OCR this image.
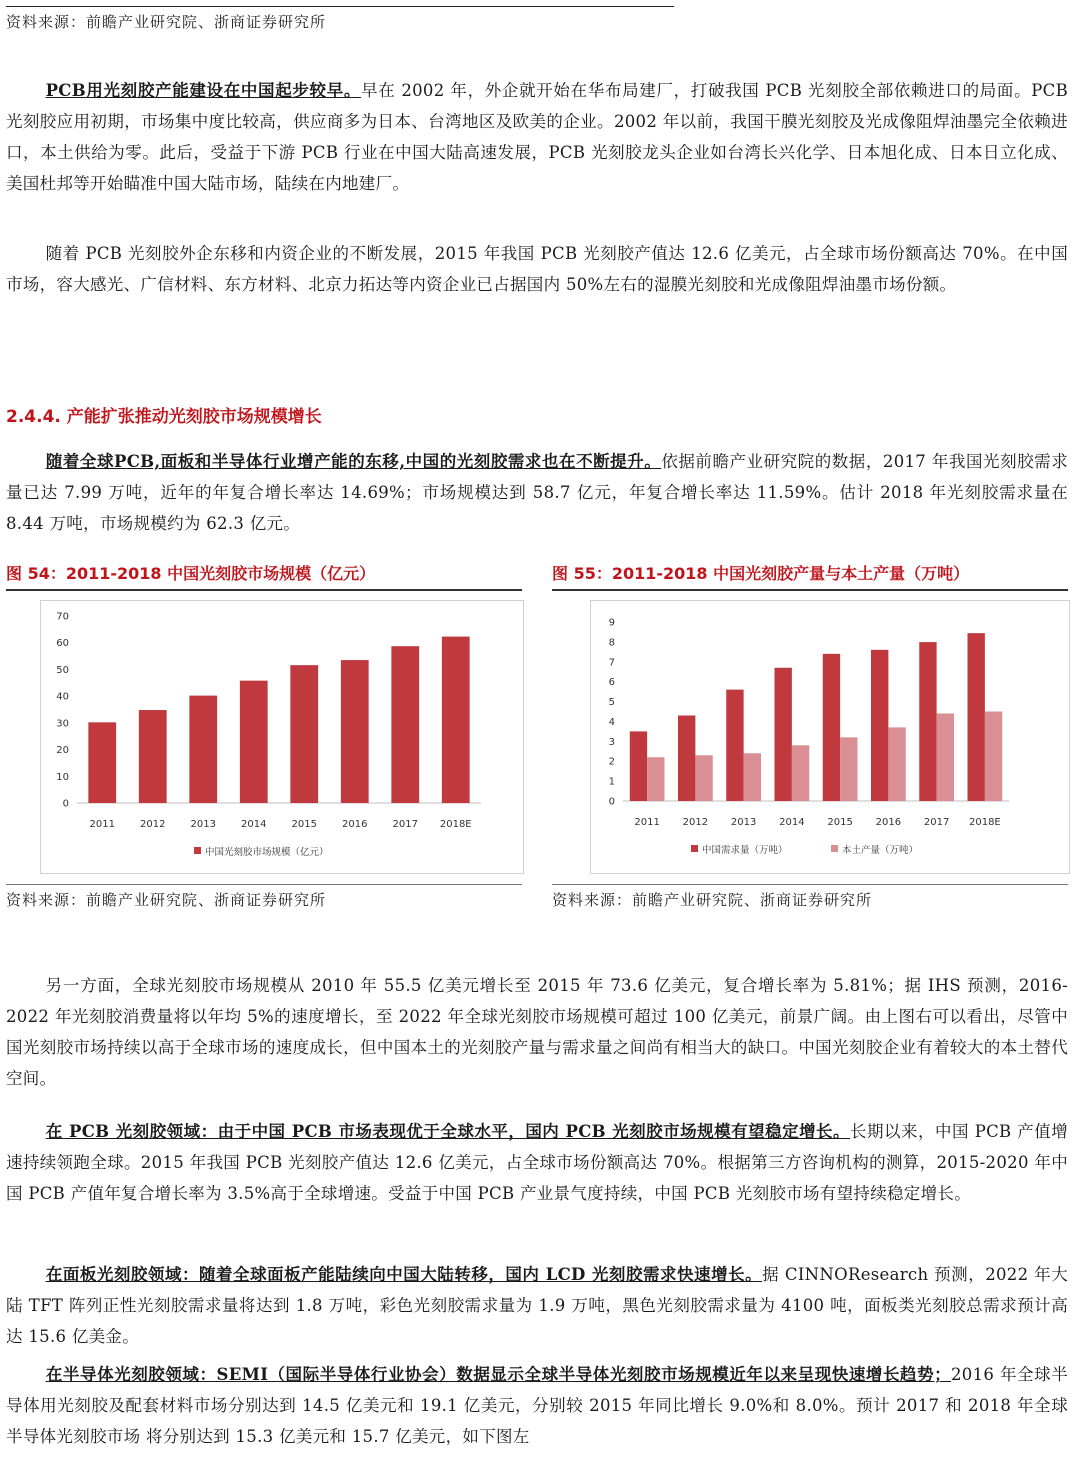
资料来源：前瞻产业研究院、浙商证券研究所
PCB用光刻胶产能建设在中国起步较早。早在 2002 年，外企就开始在华布局建厂，打破我国 PCB 光刻胶全部依赖进口的局面。PCB 光刻胶应用初期，市场集中度比较高，供应商多为日本、台湾地区及欧美的企业。2002 年以前，我国干膜光刻胶及光成像阻焊油墨完全依赖进口，本土供给为零。此后，受益于下游 PCB 行业在中国大陆高速发展，PCB 光刻胶龙头企业如台湾长兴化学、日本旭化成、日本日立化成、美国杜邦等开始瞄准中国大陆市场，陆续在内地建厂。
随着 PCB 光刻胶外企东移和内资企业的不断发展，2015 年我国 PCB 光刻胶产值达 12.6 亿美元，占全球市场份额高达 70%。在中国市场，容大感光、广信材料、东方材料、北京力拓达等内资企业已占据国内 50%左右的湿膜光刻胶和光成像阻焊油墨市场份额。
2.4.4. 产能扩张推动光刻胶市场规模增长
随着全球PCB,面板和半导体行业增产能的东移,中国的光刻胶需求也在不断提升。依据前瞻产业研究院的数据，2017 年我国光刻胶需求量已达 7.99 万吨，近年的年复合增长率达 14.69%；市场规模达到 58.7 亿元，年复合增长率达 11.59%。估计 2018 年光刻胶需求量在 8.44 万吨，市场规模约为 62.3 亿元。
图 54：2011-2018 中国光刻胶市场规模（亿元）	图 55：2011-2018 中国光刻胶产量与本土产量（万吨）
0
10
20
30
40
50
60
70
2011	2012	2013	2014	2015	2016	2017 2018E
中国光刻胶市场规模（亿元）
0
1
2
3
4
5
6
7
8
9
2011 2012 2013 2014 2015 2016 2017 2018E
中国需求量（万吨）	本土产量（万吨）
资料来源：前瞻产业研究院、浙商证券研究所	资料来源：前瞻产业研究院、浙商证券研究所
另一方面，全球光刻胶市场规模从 2010 年 55.5 亿美元增长至 2015 年 73.6 亿美元，复合增长率为 5.81%；据 IHS 预测，2016-2022 年光刻胶消费量将以年均 5%的速度增长，至 2022 年全球光刻胶市场规模可超过 100 亿美元，前景广阔。由上图右可以看出，尽管中国光刻胶市场持续以高于全球市场的速度成长，但中国本土的光刻胶产量与需求量之间尚有相当大的缺口。中国光刻胶企业有着较大的本土替代空间。
在 PCB 光刻胶领域：由于中国 PCB 市场表现优于全球水平，国内 PCB 光刻胶市场规模有望稳定增长。长期以来，中国 PCB 产值增速持续领跑全球。2015 年我国 PCB 光刻胶产值达 12.6 亿美元，占全球市场份额高达 70%。根据第三方咨询机构的测算，2015-2020 年中国 PCB 产值年复合增长率为 3.5%高于全球增速。受益于中国 PCB 产业景气度持续，中国 PCB 光刻胶市场有望持续稳定增长。
在面板光刻胶领域：随着全球面板产能陆续向中国大陆转移，国内 LCD 光刻胶需求快速增长。据 CINNOResearch 预测，2022 年大陆 TFT 阵列正性光刻胶需求量将达到 1.8 万吨，彩色光刻胶需求量为 1.9 万吨，黑色光刻胶需求量为 4100 吨，面板类光刻胶总需求预计高达 15.6 亿美金。
在半导体光刻胶领域：SEMI（国际半导体行业协会）数据显示全球半导体光刻胶市场规模近年以来呈现快速增长趋势；2016 年全球半导体用光刻胶及配套材料市场分别达到 14.5 亿美元和 19.1 亿美元，分别较 2015 年同比增长 9.0%和 8.0%。预计 2017 和 2018 年全球半导体光刻胶市场 将分别达到 15.3 亿美元和 15.7 亿美元，如下图左
